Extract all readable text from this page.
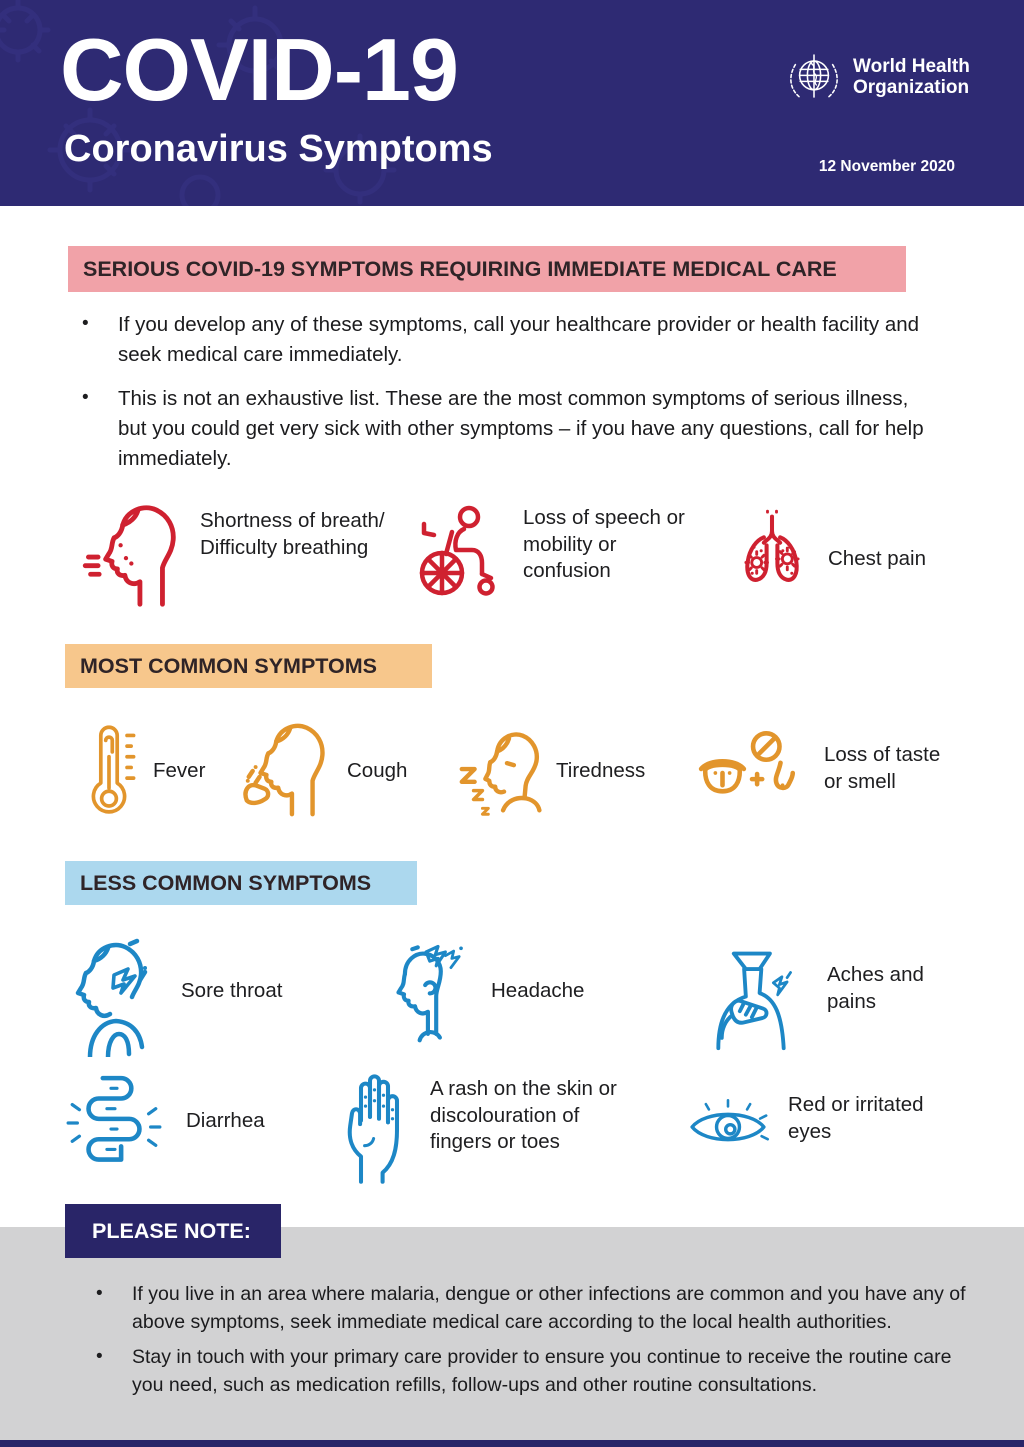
COVID-19
Coronavirus Symptoms
World Health
Organization
12 November 2020
SERIOUS COVID-19 SYMPTOMS REQUIRING IMMEDIATE MEDICAL CARE
•	If you develop any of these symptoms, call your healthcare provider or health facility and seek medical care immediately.
•	This is not an exhaustive list. These are the most common symptoms of serious illness, but you could get very sick with other symptoms – if you have any questions, call for help immediately.
Shortness of breath/ Difficulty breathing
Loss of speech or mobility or confusion
Chest pain
MOST COMMON SYMPTOMS
Fever	Cough	Tiredness
Loss of taste or smell
LESS COMMON SYMPTOMS
Sore throat	Headache
Aches and pains
Diarrhea
A rash on the skin or discolouration of fingers or toes
Red or irritated eyes
PLEASE NOTE:
•	If you live in an area where malaria, dengue or other infections are common and you have any of above symptoms, seek immediate medical care according to the local health authorities.
•	Stay in touch with your primary care provider to ensure you continue to receive the routine care you need, such as medication refills, follow-ups and other routine consultations.
